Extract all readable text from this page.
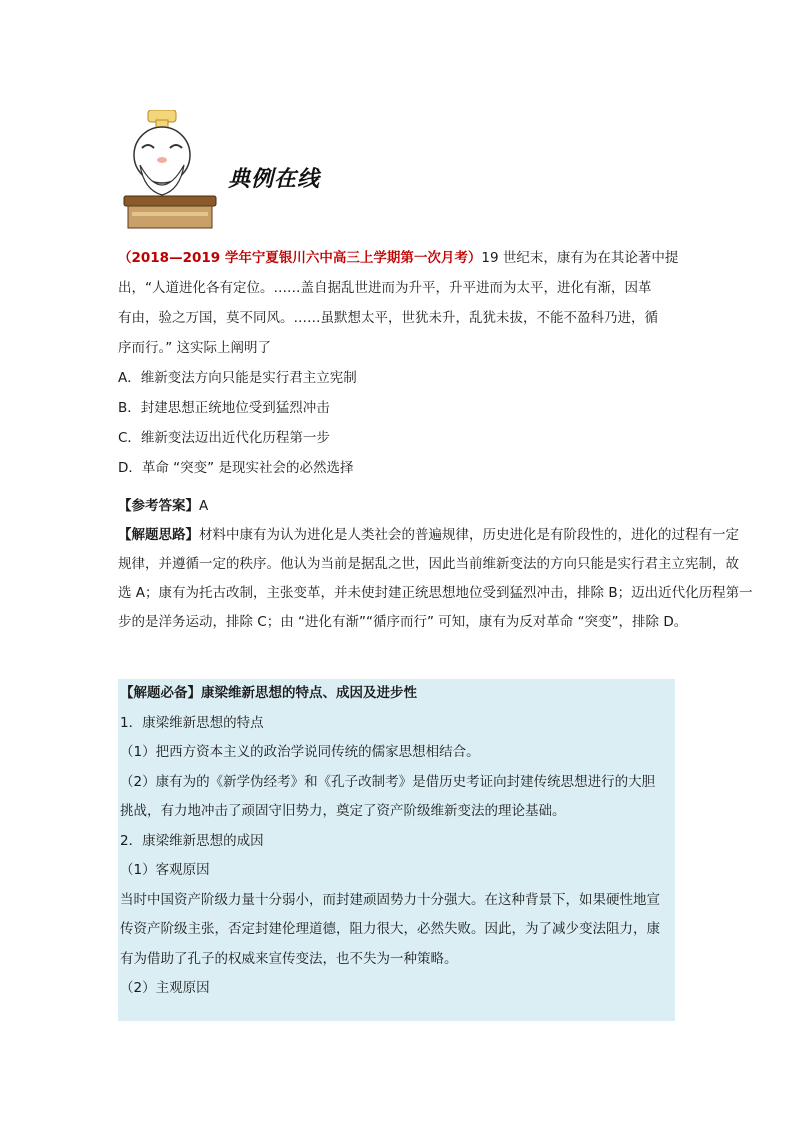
典例在线
（2018—2019 学年宁夏银川六中高三上学期第一次月考）19 世纪末，康有为在其论著中提
出，“人道进化各有定位。……盖自据乱世进而为升平，升平进而为太平，进化有渐，因革
有由，验之万国，莫不同风。……虽默想太平，世犹未升，乱犹未拔，不能不盈科乃进，循
序而行。” 这实际上阐明了
A．维新变法方向只能是实行君主立宪制
B．封建思想正统地位受到猛烈冲击
C．维新变法迈出近代化历程第一步
D．革命 “突变” 是现实社会的必然选择
【参考答案】A
【解题思路】材料中康有为认为进化是人类社会的普遍规律，历史进化是有阶段性的，进化的过程有一定
规律，并遵循一定的秩序。他认为当前是据乱之世，因此当前维新变法的方向只能是实行君主立宪制，故
选 A；康有为托古改制，主张变革，并未使封建正统思想地位受到猛烈冲击，排除 B；迈出近代化历程第一
步的是洋务运动，排除 C；由 “进化有渐”“循序而行” 可知，康有为反对革命 “突变”，排除 D。
【解题必备】康梁维新思想的特点、成因及进步性
1．康梁维新思想的特点
（1）把西方资本主义的政治学说同传统的儒家思想相结合。
（2）康有为的《新学伪经考》和《孔子改制考》是借历史考证向封建传统思想进行的大胆
挑战，有力地冲击了顽固守旧势力，奠定了资产阶级维新变法的理论基础。
2．康梁维新思想的成因
（1）客观原因
当时中国资产阶级力量十分弱小，而封建顽固势力十分强大。在这种背景下，如果硬性地宣
传资产阶级主张，否定封建伦理道德，阻力很大，必然失败。因此，为了减少变法阻力，康
有为借助了孔子的权威来宣传变法，也不失为一种策略。
（2）主观原因
